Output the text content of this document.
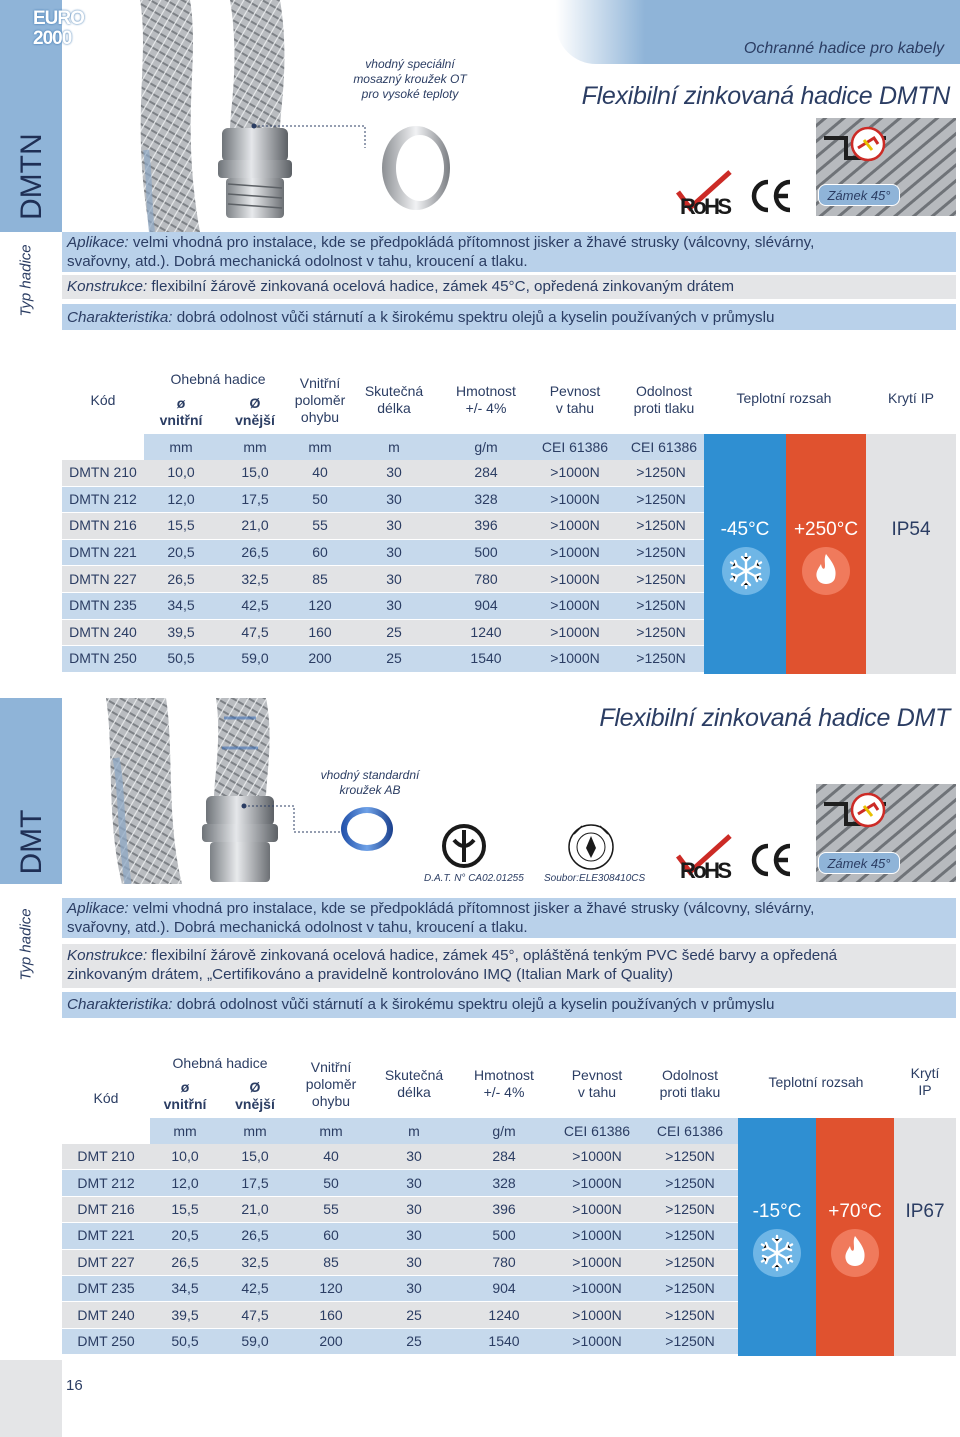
EURO
2000
DMTN
Typ hadice
Ochranné hadice pro kabely
Flexibilní zinkovaná hadice DMTN
vhodný speciální
mosazný kroužek OT
pro vysoké teploty
RoHS	Zámek 45°
Aplikace: velmi vhodná pro instalace, kde se předpokládá přítomnost jisker a žhavé strusky (válcovny, slévárny,
svařovny, atd.). Dobrá mechanická odolnost v tahu, kroucení a tlaku.
Konstrukce: flexibilní žárově zinkovaná ocelová hadice, zámek 45°C, opředená zinkovaným drátem
Charakteristika: dobrá odolnost vůči stárnutí a k širokému spektru olejů a kyselin používaných v průmyslu
Kód
Ohebná hadice
ø
vnitřní
Ø
vnější
Vnitřní
poloměr
ohybu
Skutečná
délka
Hmotnost
+/- 4%
Pevnost
v tahu
Odolnost
proti tlaku
Teplotní rozsah	Krytí IP
mm	mm	mm	m	g/m	CEI 61386	CEI 61386
DMTN 210	10,0	15,0	40	30	284	>1000N	>1250N
DMTN 212	12,0	17,5	50	30	328	>1000N	>1250N
DMTN 216	15,5	21,0	55	30	396	>1000N	>1250N
DMTN 221	20,5	26,5	60	30	500	>1000N	>1250N
DMTN 227	26,5	32,5	85	30	780	>1000N	>1250N
DMTN 235	34,5	42,5	120	30	904	>1000N	>1250N
DMTN 240	39,5	47,5	160	25	1240	>1000N	>1250N
DMTN 250	50,5	59,0	200	25	1540	>1000N	>1250N
-45°C	+250°C	IP54
DMT
Typ hadice
Flexibilní zinkovaná hadice DMT
vhodný standardní
kroužek AB
D.A.T. N° CA02.01255	Soubor:ELE308410CS	RoHS	Zámek 45°
Aplikace: velmi vhodná pro instalace, kde se předpokládá přítomnost jisker a žhavé strusky (válcovny, slévárny,
svařovny, atd.). Dobrá mechanická odolnost v tahu, kroucení a tlaku.
Konstrukce: flexibilní žárově zinkovaná ocelová hadice, zámek 45°, opláštěná tenkým PVC šedé barvy a opředená
zinkovaným drátem, „Certifikováno a pravidelně kontrolováno IMQ (Italian Mark of Quality)
Charakteristika: dobrá odolnost vůči stárnutí a k širokému spektru olejů a kyselin používaných v průmyslu
Kód
Ohebná hadice
ø
vnitřní
Ø
vnější
Vnitřní
poloměr
ohybu
Skutečná
délka
Hmotnost
+/- 4%
Pevnost
v tahu
Odolnost
proti tlaku
Teplotní rozsah
Krytí
IP
mm	mm	mm	m	g/m	CEI 61386	CEI 61386
DMT 210	10,0	15,0	40	30	284	>1000N	>1250N
DMT 212	12,0	17,5	50	30	328	>1000N	>1250N
DMT 216	15,5	21,0	55	30	396	>1000N	>1250N
DMT 221	20,5	26,5	60	30	500	>1000N	>1250N
DMT 227	26,5	32,5	85	30	780	>1000N	>1250N
DMT 235	34,5	42,5	120	30	904	>1000N	>1250N
DMT 240	39,5	47,5	160	25	1240	>1000N	>1250N
DMT 250	50,5	59,0	200	25	1540	>1000N	>1250N
-15°C	+70°C	IP67
16
